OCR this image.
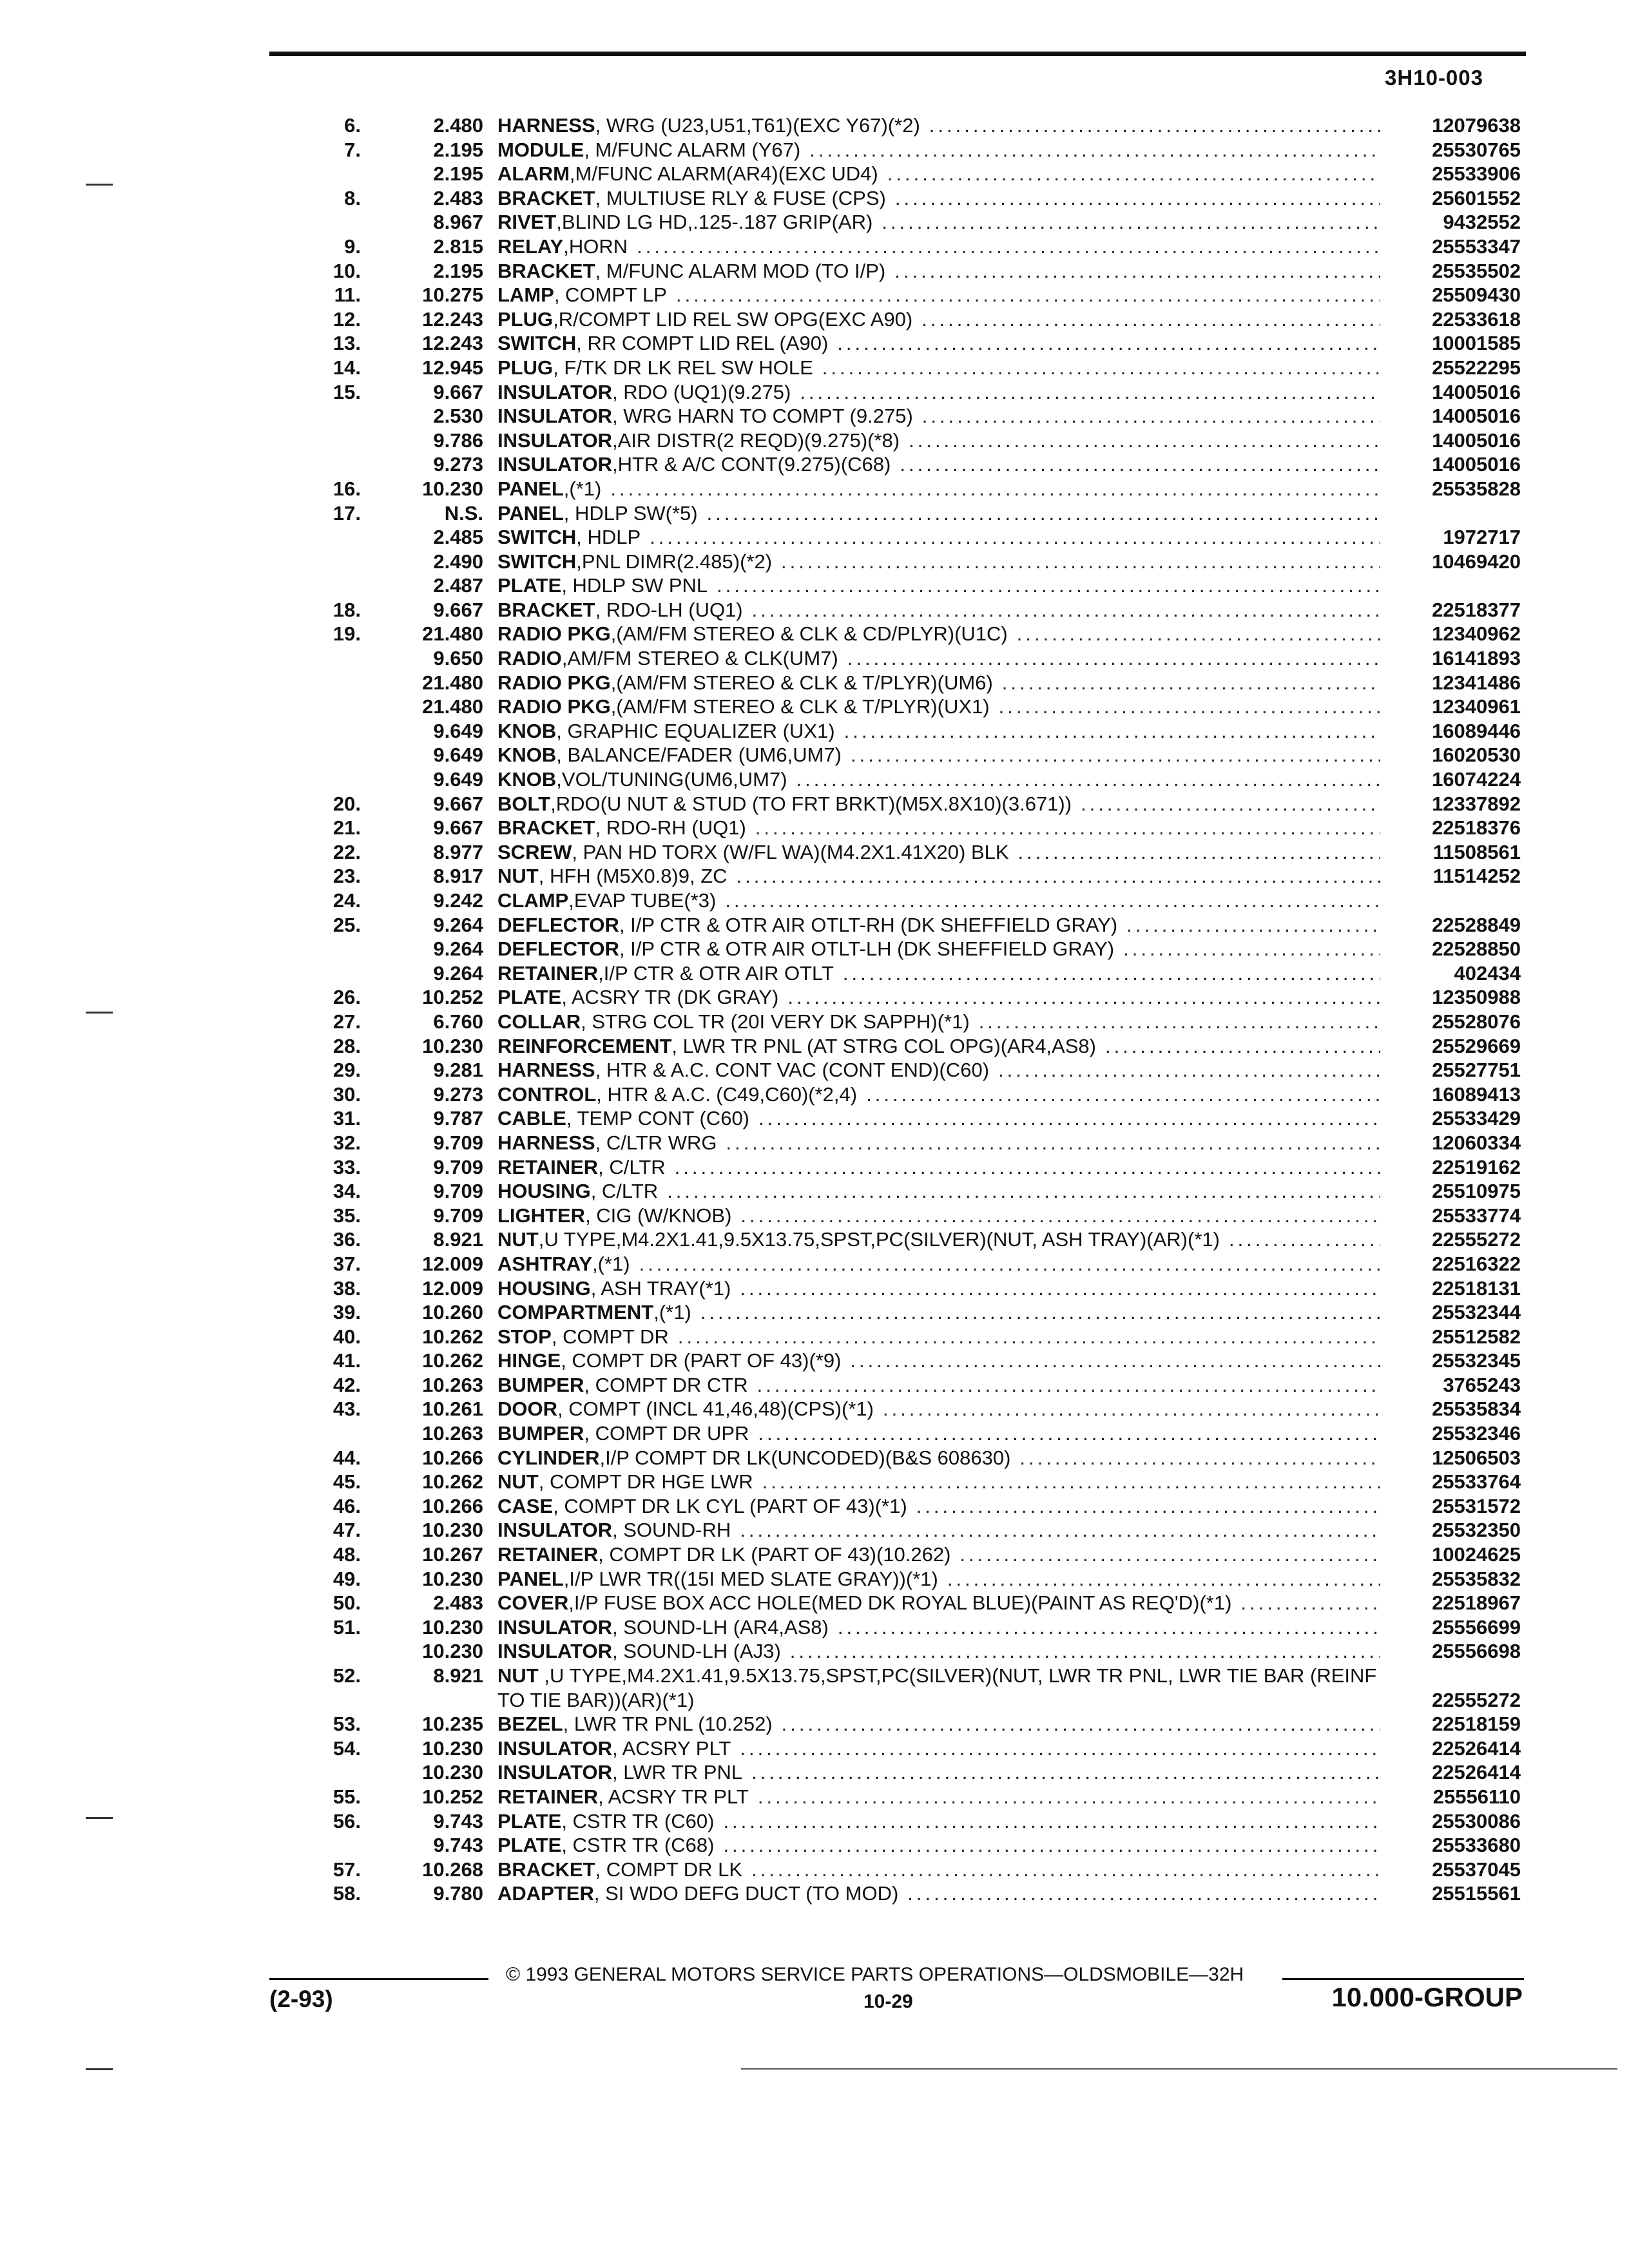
3H10-003
6.	2.480 HARNESS , WRG (U23,U51,T61)(EXC Y67)(*2) .....	12079638
7.	2.195 MODULE , M/FUNC ALARM (Y67) .....	25530765
2.195 ALARM ,M/FUNC ALARM(AR4)(EXC UD4) .....	25533906
8.	2.483 BRACKET , MULTIUSE RLY & FUSE (CPS) .....	25601552
8.967 RIVET ,BLIND LG HD,.125-.187 GRIP(AR) .....	9432552
9.	2.815 RELAY ,HORN .....	25553347
10.	2.195 BRACKET , M/FUNC ALARM MOD (TO I/P) .....	25535502
11.	10.275 LAMP , COMPT LP .....	25509430
12.	12.243 PLUG ,R/COMPT LID REL SW OPG(EXC A90) .....	22533618
13.	12.243 SWITCH , RR COMPT LID REL (A90) .....	10001585
14.	12.945 PLUG , F/TK DR LK REL SW HOLE .....	25522295
15.	9.667 INSULATOR , RDO (UQ1)(9.275) .....	14005016
2.530 INSULATOR , WRG HARN TO COMPT (9.275) .....	14005016
9.786 INSULATOR ,AIR DISTR(2 REQD)(9.275)(*8) .....	14005016
9.273 INSULATOR ,HTR & A/C CONT(9.275)(C68) .....	14005016
16.	10.230 PANEL ,(*1) .....	25535828
17.	N.S. PANEL , HDLP SW(*5)
.....
2.485 SWITCH , HDLP .....	1972717
2.490 SWITCH ,PNL DIMR(2.485)(*2) .....	10469420
2.487 PLATE , HDLP SW PNL
.....
18.	9.667 BRACKET , RDO-LH (UQ1) .....	22518377
19.	21.480 RADIO PKG ,(AM/FM STEREO & CLK & CD/PLYR)(U1C) .....	12340962
9.650 RADIO ,AM/FM STEREO & CLK(UM7) .....	16141893
21.480 RADIO PKG ,(AM/FM STEREO & CLK & T/PLYR)(UM6) .....	12341486
21.480 RADIO PKG ,(AM/FM STEREO & CLK & T/PLYR)(UX1) .....	12340961
9.649 KNOB , GRAPHIC EQUALIZER (UX1) .....	16089446
9.649 KNOB , BALANCE/FADER (UM6,UM7) .....	16020530
9.649 KNOB ,VOL/TUNING(UM6,UM7) .....	16074224
20.	9.667 BOLT ,RDO(U NUT & STUD (TO FRT BRKT)(M5X.8X10)(3.671)) .....	12337892
21.	9.667 BRACKET , RDO-RH (UQ1) .....	22518376
22.	8.977 SCREW , PAN HD TORX (W/FL WA)(M4.2X1.41X20) BLK .....	11508561
23.	8.917 NUT , HFH (M5X0.8)9, ZC .....	11514252
24.	9.242 CLAMP ,EVAP TUBE(*3)
.....
25.	9.264 DEFLECTOR , I/P CTR & OTR AIR OTLT-RH (DK SHEFFIELD GRAY) .....	22528849
9.264 DEFLECTOR , I/P CTR & OTR AIR OTLT-LH (DK SHEFFIELD GRAY) .....	22528850
9.264 RETAINER ,I/P CTR & OTR AIR OTLT .....	402434
26.	10.252 PLATE , ACSRY TR (DK GRAY) .....	12350988
27.	6.760 COLLAR , STRG COL TR (20I VERY DK SAPPH)(*1) .....	25528076
28.	10.230 REINFORCEMENT , LWR TR PNL (AT STRG COL OPG)(AR4,AS8) .....	25529669
29.	9.281 HARNESS , HTR & A.C. CONT VAC (CONT END)(C60) .....	25527751
30.	9.273 CONTROL , HTR & A.C. (C49,C60)(*2,4) .....	16089413
31.	9.787 CABLE , TEMP CONT (C60) .....	25533429
32.	9.709 HARNESS , C/LTR WRG .....	12060334
33.	9.709 RETAINER , C/LTR .....	22519162
34.	9.709 HOUSING , C/LTR .....	25510975
35.	9.709 LIGHTER , CIG (W/KNOB) .....	25533774
36.	8.921 NUT ,U TYPE,M4.2X1.41,9.5X13.75,SPST,PC(SILVER)(NUT, ASH TRAY)(AR)(*1) .....	22555272
37.	12.009 ASHTRAY ,(*1) .....	22516322
38.	12.009 HOUSING , ASH TRAY(*1) .....	22518131
39.	10.260 COMPARTMENT ,(*1) .....	25532344
40.	10.262 STOP , COMPT DR .....	25512582
41.	10.262 HINGE , COMPT DR (PART OF 43)(*9) .....	25532345
42.	10.263 BUMPER , COMPT DR CTR .....	3765243
43.	10.261 DOOR , COMPT (INCL 41,46,48)(CPS)(*1) .....	25535834
10.263 BUMPER , COMPT DR UPR .....	25532346
44.	10.266 CYLINDER ,I/P COMPT DR LK(UNCODED)(B&S 608630) .....	12506503
45.	10.262 NUT , COMPT DR HGE LWR .....	25533764
46.	10.266 CASE , COMPT DR LK CYL (PART OF 43)(*1) .....	25531572
47.	10.230 INSULATOR , SOUND-RH .....	25532350
48.	10.267 RETAINER , COMPT DR LK (PART OF 43)(10.262) .....	10024625
49.	10.230 PANEL ,I/P LWR TR((15I MED SLATE GRAY))(*1) .....	25535832
50.	2.483 COVER ,I/P FUSE BOX ACC HOLE(MED DK ROYAL BLUE)(PAINT AS REQ'D)(*1) .....	22518967
51.	10.230 INSULATOR , SOUND-LH (AR4,AS8) .....	25556699
10.230 INSULATOR , SOUND-LH (AJ3) .....	25556698
52.	8.921 NUT ,U TYPE,M4.2X1.41,9.5X13.75,SPST,PC(SILVER)(NUT, LWR TR PNL, LWR TIE BAR (REINF TO TIE BAR))(AR)(*1)	22555272
53.	10.235 BEZEL , LWR TR PNL (10.252) .....	22518159
54.	10.230 INSULATOR , ACSRY PLT .....	22526414
10.230 INSULATOR , LWR TR PNL .....	22526414
55.	10.252 RETAINER , ACSRY TR PLT .....	25556110
56.	9.743 PLATE , CSTR TR (C60) .....	25530086
9.743 PLATE , CSTR TR (C68) .....	25533680
57.	10.268 BRACKET , COMPT DR LK .....	25537045
58.	9.780 ADAPTER , SI WDO DEFG DUCT (TO MOD) .....	25515561
© 1993 GENERAL MOTORS SERVICE PARTS OPERATIONS—OLDSMOBILE—32H
(2-93)	10-29	10.000-GROUP
